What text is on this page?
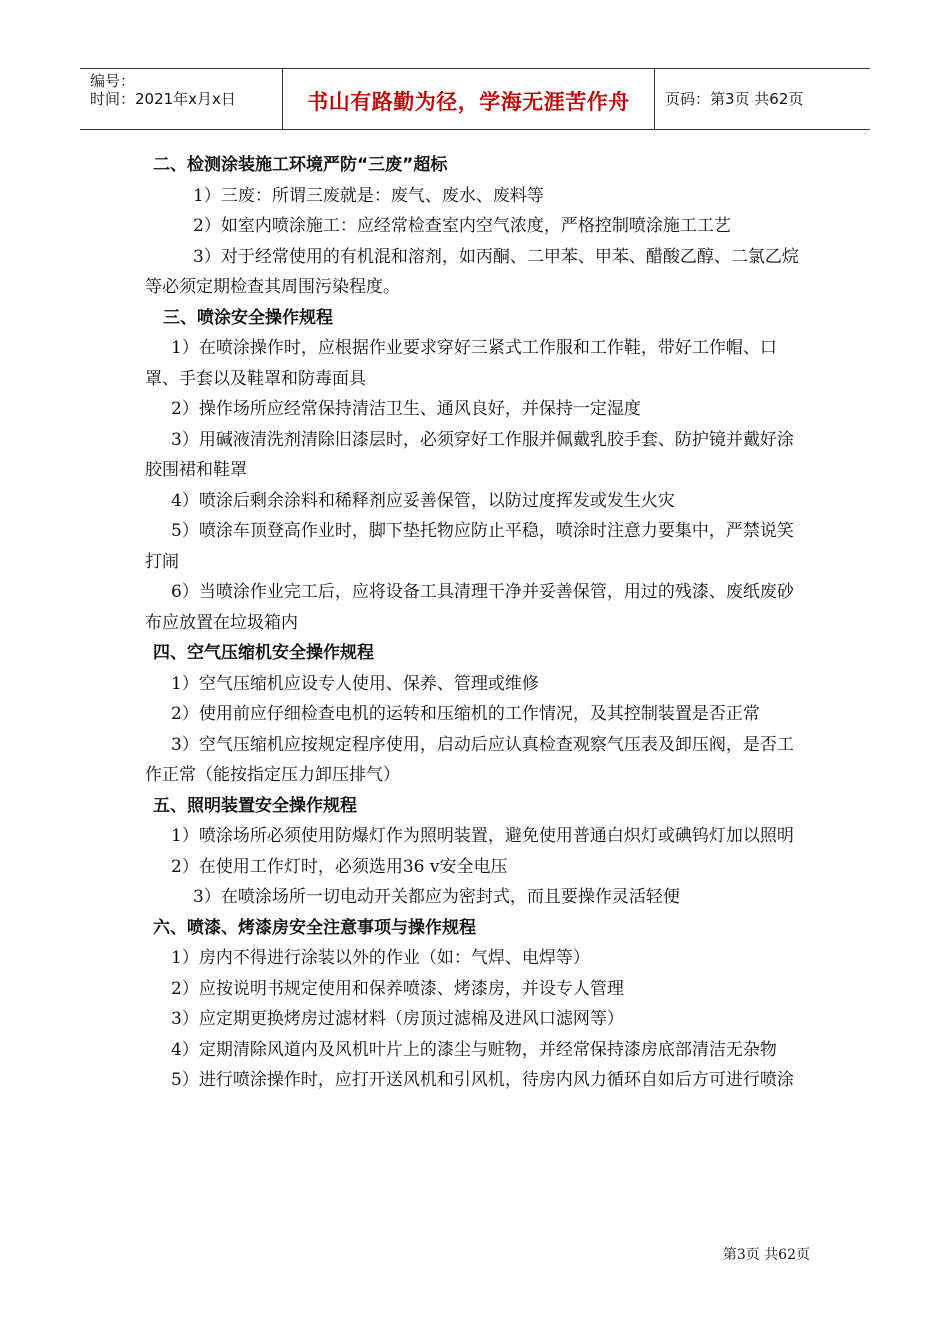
编号：
时间：2021年x月x日	书山有路勤为径，学海无涯苦作舟	页码：第3页 共62页

二、检测涂装施工环境严防“三废”超标

1）三废：所谓三废就是：废气、废水、废料等

2）如室内喷涂施工：应经常检查室内空气浓度，严格控制喷涂施工工艺

3）对于经常使用的有机混和溶剂，如丙酮、二甲苯、甲苯、醋酸乙醇、二氯乙烷等必须定期检查其周围污染程度。

三、喷涂安全操作规程

1）在喷涂操作时，应根据作业要求穿好三紧式工作服和工作鞋，带好工作帽、口罩、手套以及鞋罩和防毒面具

2）操作场所应经常保持清洁卫生、通风良好，并保持一定湿度

3）用碱液清洗剂清除旧漆层时，必须穿好工作服并佩戴乳胶手套、防护镜并戴好涂胶围裙和鞋罩

4）喷涂后剩余涂料和稀释剂应妥善保管，以防过度挥发或发生火灾

5）喷涂车顶登高作业时，脚下垫托物应防止平稳，喷涂时注意力要集中，严禁说笑打闹

6）当喷涂作业完工后，应将设备工具清理干净并妥善保管，用过的残漆、废纸废砂布应放置在垃圾箱内

四、空气压缩机安全操作规程

1）空气压缩机应设专人使用、保养、管理或维修

2）使用前应仔细检查电机的运转和压缩机的工作情况，及其控制装置是否正常

3）空气压缩机应按规定程序使用，启动后应认真检查观察气压表及卸压阀，是否工作正常（能按指定压力卸压排气）

五、照明装置安全操作规程

1）喷涂场所必须使用防爆灯作为照明装置，避免使用普通白炽灯或碘钨灯加以照明

2）在使用工作灯时，必须选用36 v安全电压

3）在喷涂场所一切电动开关都应为密封式，而且要操作灵活轻便

六、喷漆、烤漆房安全注意事项与操作规程

1）房内不得进行涂装以外的作业（如：气焊、电焊等）

2）应按说明书规定使用和保养喷漆、烤漆房，并设专人管理

3）应定期更换烤房过滤材料（房顶过滤棉及进风口滤网等）

4）定期清除风道内及风机叶片上的漆尘与赃物，并经常保持漆房底部清洁无杂物

5）进行喷涂操作时，应打开送风机和引风机，待房内风力循环自如后方可进行喷涂

第3页 共62页
